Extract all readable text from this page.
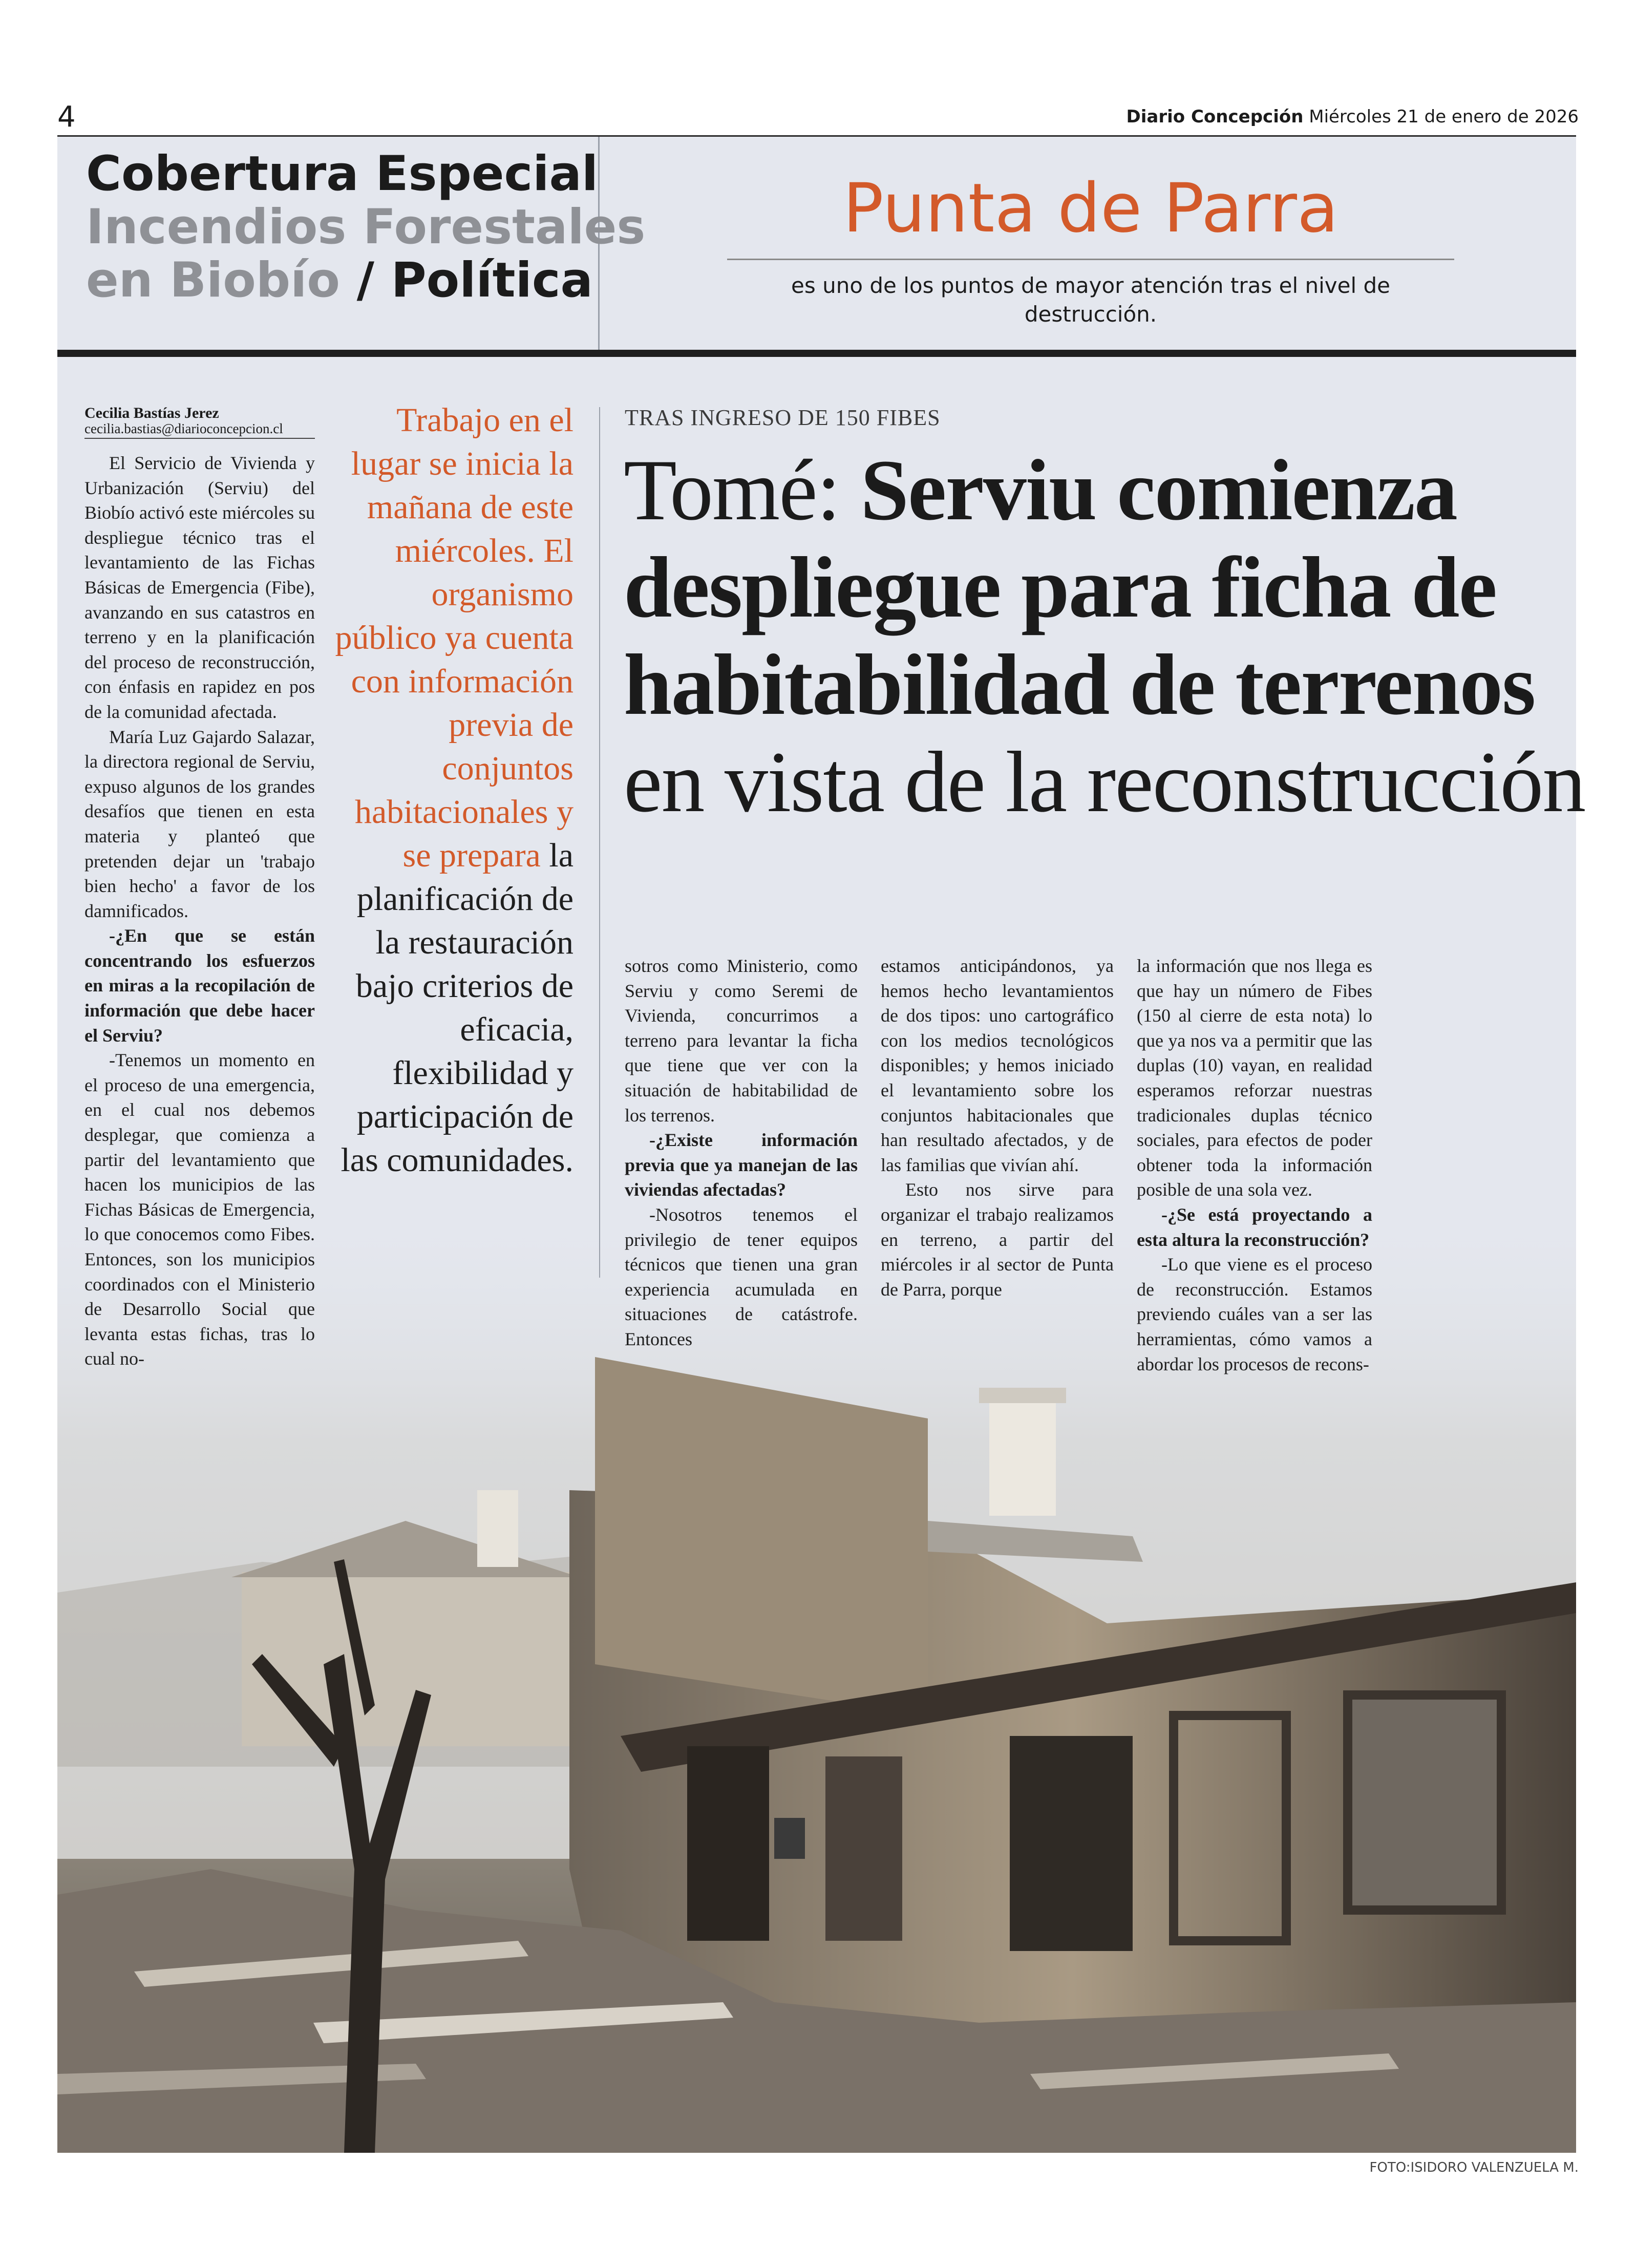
4	Diario Concepción Miércoles 21 de enero de 2026
Cobertura Especial
Incendios Forestales
en Biobío / Política
Punta de Parra
es uno de los puntos de mayor atención tras el nivel de destrucción.
FOTO:ISIDORO VALENZUELA M.
Cecilia Bastías Jerez
cecilia.bastias@diarioconcepcion.cl

El Servicio de Vivienda y Urbanización (Serviu) del Biobío activó este miércoles su despliegue técnico tras el levantamiento de las Fichas Básicas de Emergencia (Fibe), avanzando en sus catastros en terreno y en la planificación del proceso de reconstrucción, con énfasis en rapidez en pos de la comunidad afectada.

María Luz Gajardo Salazar, la directora regional de Serviu, expuso algunos de los grandes desafíos que tienen en esta materia y planteó que pretenden dejar un 'trabajo bien hecho' a favor de los damnificados.

-¿En que se están concentrando los esfuerzos en miras a la recopilación de información que debe hacer el Serviu?

-Tenemos un momento en el proceso de una emergencia, en el cual nos debemos desplegar, que comienza a partir del levantamiento que hacen los municipios de las Fichas Básicas de Emergencia, lo que conocemos como Fibes. Entonces, son los municipios coordinados con el Ministerio de Desarrollo Social que levanta estas fichas, tras lo cual no-

Trabajo en el lugar se inicia la mañana de este miércoles. El organismo público ya cuenta con información previa de conjuntos habitacionales y se prepara la planificación de la restauración bajo criterios de eficacia, flexibilidad y participación de las comunidades.
TRAS INGRESO DE 150 FIBES
Tomé: Serviu comienza despliegue para ficha de habitabilidad de terrenos en vista de la reconstrucción

sotros como Ministerio, como Serviu y como Seremi de Vivienda, concurrimos a terreno para levantar la ficha que tiene que ver con la situación de habitabilidad de los terrenos.

-¿Existe información previa que ya manejan de las viviendas afectadas?

-Nosotros tenemos el privilegio de tener equipos técnicos que tienen una gran experiencia acumulada en situaciones de catástrofe. Entonces

estamos anticipándonos, ya hemos hecho levantamientos de dos tipos: uno cartográfico con los medios tecnológicos disponibles; y hemos iniciado el levantamiento sobre los conjuntos habitacionales que han resultado afectados, y de las familias que vivían ahí.

Esto nos sirve para organizar el trabajo realizamos en terreno, a partir del miércoles ir al sector de Punta de Parra, porque

la información que nos llega es que hay un número de Fibes (150 al cierre de esta nota) lo que ya nos va a permitir que las duplas (10) vayan, en realidad esperamos reforzar nuestras tradicionales duplas técnico sociales, para efectos de poder obtener toda la información posible de una sola vez.

-¿Se está proyectando a esta altura la reconstrucción?

-Lo que viene es el proceso de reconstrucción. Estamos previendo cuáles van a ser las herramientas, cómo vamos a abordar los procesos de recons-
